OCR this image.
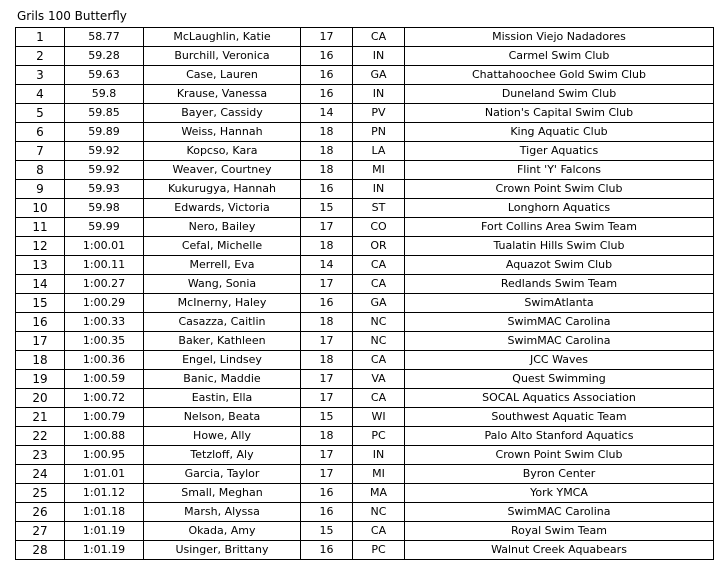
Grils 100 Butterfly
1	58.77	McLaughlin, Katie	17	CA	Mission Viejo Nadadores
2	59.28	Burchill, Veronica	16	IN	Carmel Swim Club
3	59.63	Case, Lauren	16	GA	Chattahoochee Gold Swim Club
4	59.8	Krause, Vanessa	16	IN	Duneland Swim Club
5	59.85	Bayer, Cassidy	14	PV	Nation's Capital Swim Club
6	59.89	Weiss, Hannah	18	PN	King Aquatic Club
7	59.92	Kopcso, Kara	18	LA	Tiger Aquatics
8	59.92	Weaver, Courtney	18	MI	Flint 'Y' Falcons
9	59.93	Kukurugya, Hannah	16	IN	Crown Point Swim Club
10	59.98	Edwards, Victoria	15	ST	Longhorn Aquatics
11	59.99	Nero, Bailey	17	CO	Fort Collins Area Swim Team
12	1:00.01	Cefal, Michelle	18	OR	Tualatin Hills Swim Club
13	1:00.11	Merrell, Eva	14	CA	Aquazot Swim Club
14	1:00.27	Wang, Sonia	17	CA	Redlands Swim Team
15	1:00.29	McInerny, Haley	16	GA	SwimAtlanta
16	1:00.33	Casazza, Caitlin	18	NC	SwimMAC Carolina
17	1:00.35	Baker, Kathleen	17	NC	SwimMAC Carolina
18	1:00.36	Engel, Lindsey	18	CA	JCC Waves
19	1:00.59	Banic, Maddie	17	VA	Quest Swimming
20	1:00.72	Eastin, Ella	17	CA	SOCAL Aquatics Association
21	1:00.79	Nelson, Beata	15	WI	Southwest Aquatic Team
22	1:00.88	Howe, Ally	18	PC	Palo Alto Stanford Aquatics
23	1:00.95	Tetzloff, Aly	17	IN	Crown Point Swim Club
24	1:01.01	Garcia, Taylor	17	MI	Byron Center
25	1:01.12	Small, Meghan	16	MA	York YMCA
26	1:01.18	Marsh, Alyssa	16	NC	SwimMAC Carolina
27	1:01.19	Okada, Amy	15	CA	Royal Swim Team
28	1:01.19	Usinger, Brittany	16	PC	Walnut Creek Aquabears
